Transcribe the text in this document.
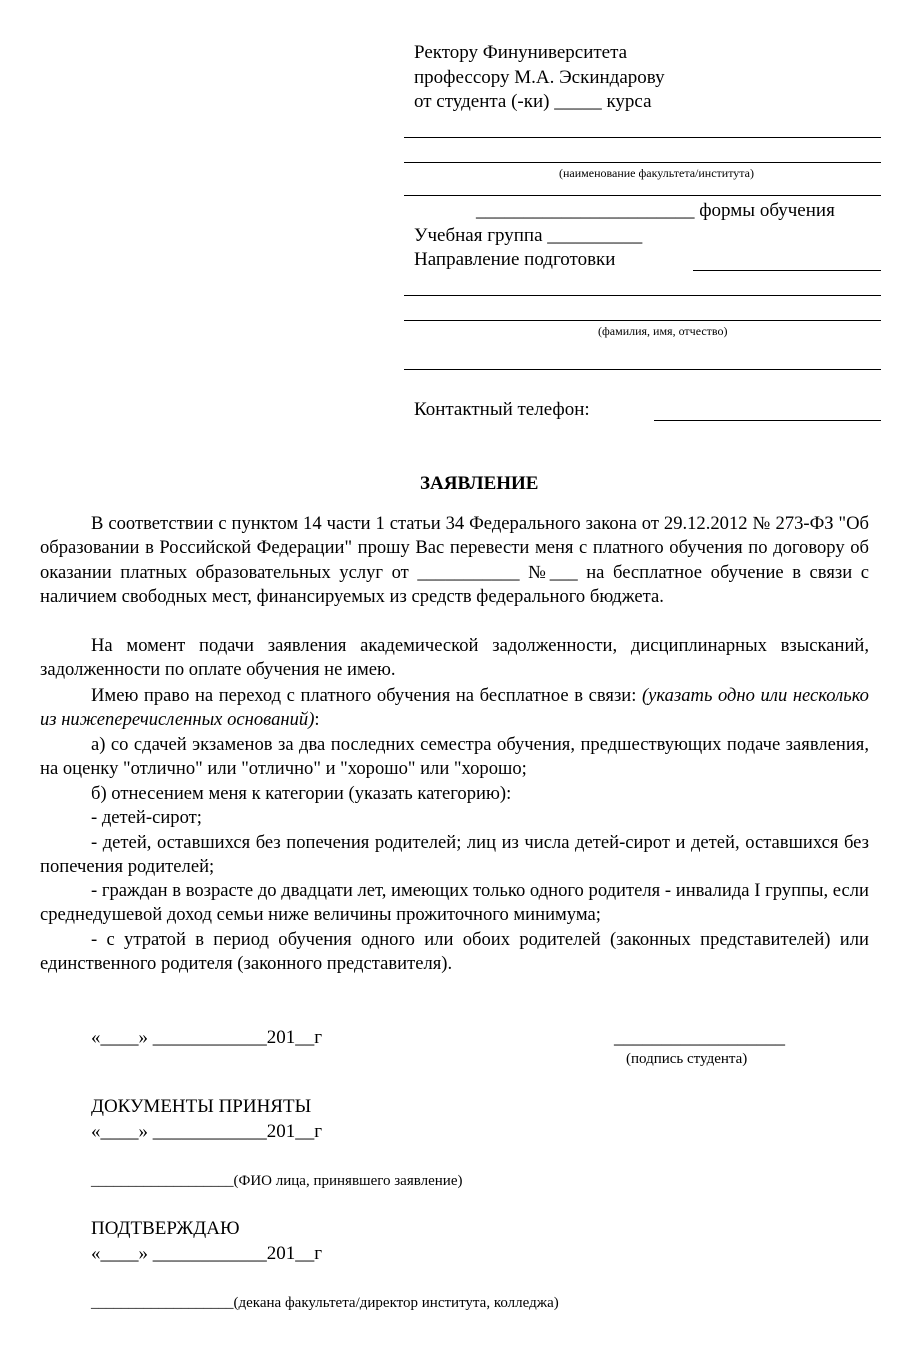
Ректору Финуниверситета
профессору М.А. Эскиндарову
от студента (-ки) _____ курса
(наименование факультета/института)
_______________________ формы обучения
Учебная группа __________
Направление подготовки
(фамилия, имя, отчество)
Контактный телефон:
ЗАЯВЛЕНИЕ
В соответствии с пунктом 14 части 1 статьи 34 Федерального закона от 29.12.2012 № 273-ФЗ "Об образовании в Российской Федерации" прошу Вас перевести меня с платного обучения по договору об оказании платных образовательных услуг от ___________ №___ на бесплатное обучение в связи с наличием свободных мест, финансируемых из средств федерального бюджета.
На момент подачи заявления академической задолженности, дисциплинарных взысканий, задолженности по оплате обучения не имею.
Имею право на переход с платного обучения на бесплатное в связи: (указать одно или несколько из нижеперечисленных оснований):
а) со сдачей экзаменов за два последних семестра обучения, предшествующих подаче заявления, на оценку "отлично" или "отлично" и "хорошо" или "хорошо;
б) отнесением меня к категории (указать категорию):
- детей-сирот;
- детей, оставшихся без попечения родителей; лиц из числа детей-сирот и детей, оставшихся без попечения родителей;
- граждан в возрасте до двадцати лет, имеющих только одного родителя - инвалида I группы, если среднедушевой доход семьи ниже величины прожиточного минимума;
- с утратой в период обучения одного или обоих родителей (законных представителей) или единственного родителя (законного представителя).
«____» ____________201__г	__________________
(подпись студента)
ДОКУМЕНТЫ ПРИНЯТЫ
«____» ____________201__г
___________________(ФИО лица, принявшего заявление)
ПОДТВЕРЖДАЮ
«____» ____________201__г
___________________(декана факультета/директор института, колледжа)
